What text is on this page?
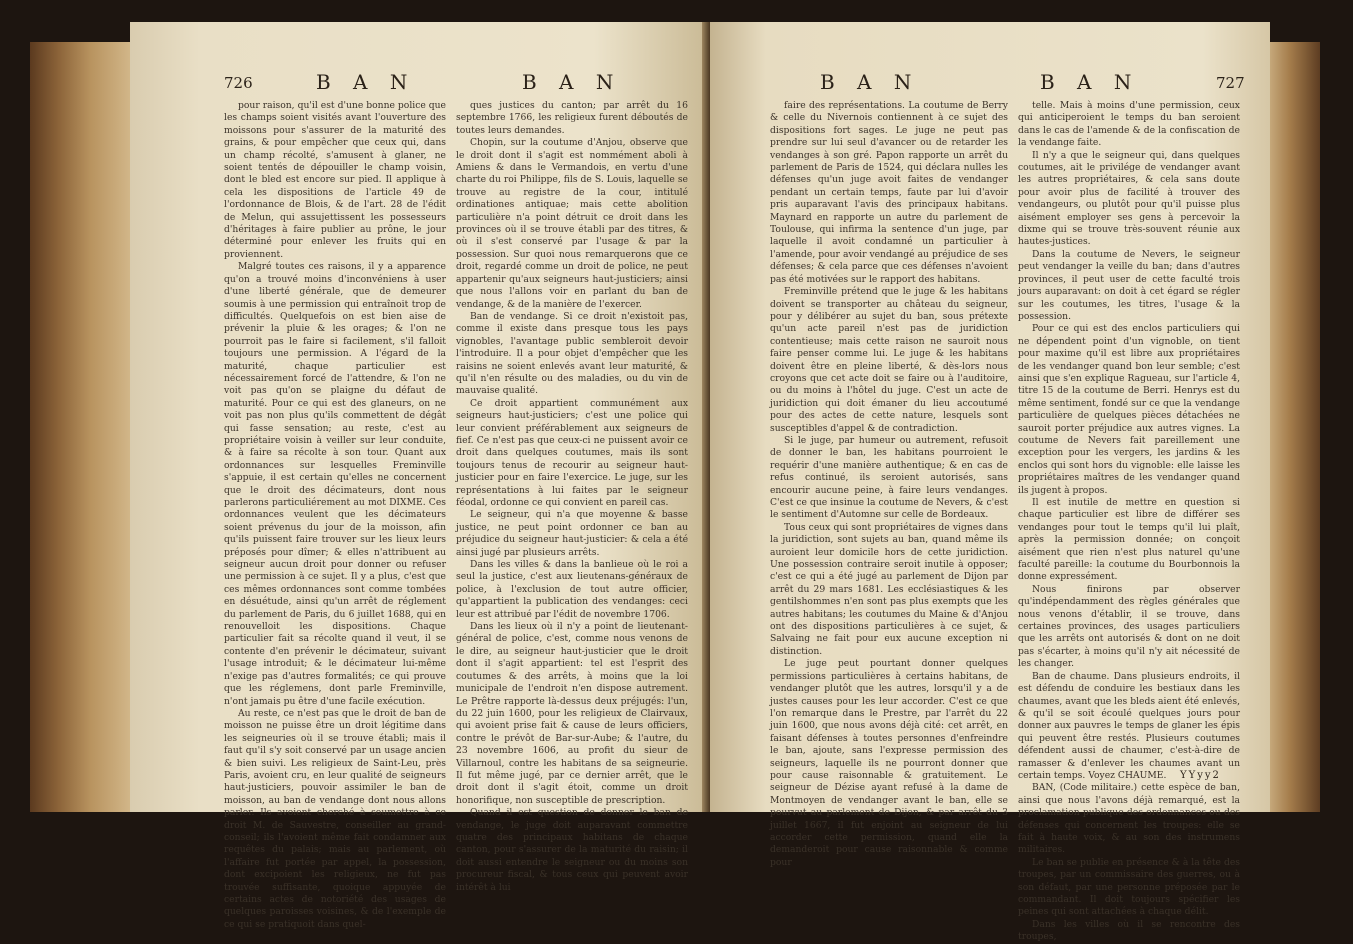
726	B A N	B A N

pour raison, qu'il est d'une bonne police que les champs soient visités avant l'ouverture des moissons pour s'assurer de la maturité des grains, & pour empêcher que ceux qui, dans un champ récolté, s'amusent à glaner, ne soient tentés de dépouiller le champ voisin, dont le bled est encore sur pied. Il applique à cela les dispositions de l'article 49 de l'ordonnance de Blois, & de l'art. 28 de l'édit de Melun, qui assujettissent les possesseurs d'héritages à faire publier au prône, le jour déterminé pour enlever les fruits qui en proviennent.

Malgré toutes ces raisons, il y a apparence qu'on a trouvé moins d'inconvéniens à user d'une liberté générale, que de demeurer soumis à une permission qui entraînoit trop de difficultés. Quelquefois on est bien aise de prévenir la pluie & les orages; & l'on ne pourroit pas le faire si facilement, s'il falloit toujours une permission. A l'égard de la maturité, chaque particulier est nécessairement forcé de l'attendre, & l'on ne voit pas qu'on se plaigne du défaut de maturité. Pour ce qui est des glaneurs, on ne voit pas non plus qu'ils commettent de dégât qui fasse sensation; au reste, c'est au propriétaire voisin à veiller sur leur conduite, & à faire sa récolte à son tour. Quant aux ordonnances sur lesquelles Freminville s'appuie, il est certain qu'elles ne concernent que le droit des décimateurs, dont nous parlerons particuliérement au mot DIXME. Ces ordonnances veulent que les décimateurs soient prévenus du jour de la moisson, afin qu'ils puissent faire trouver sur les lieux leurs préposés pour dîmer; & elles n'attribuent au seigneur aucun droit pour donner ou refuser une permission à ce sujet. Il y a plus, c'est que ces mêmes ordonnances sont comme tombées en désuétude, ainsi qu'un arrêt de réglement du parlement de Paris, du 6 juillet 1688, qui en renouvelloit les dispositions. Chaque particulier fait sa récolte quand il veut, il se contente d'en prévenir le décimateur, suivant l'usage introduit; & le décimateur lui-même n'exige pas d'autres formalités; ce qui prouve que les réglemens, dont parle Freminville, n'ont jamais pu être d'une facile exécution.

Au reste, ce n'est pas que le droit de ban de moisson ne puisse être un droit légitime dans les seigneuries où il se trouve établi; mais il faut qu'il s'y soit conservé par un usage ancien & bien suivi. Les religieux de Saint-Leu, près Paris, avoient cru, en leur qualité de seigneurs haut-justiciers, pouvoir assimiler le ban de moisson, au ban de vendange dont nous allons parler. Ils avoient cherché à soumettre à ce droit M. de Sauvestre, conseiller au grand-conseil; ils l'avoient même fait condamner aux requêtes du palais; mais au parlement, où l'affaire fut portée par appel, la possession, dont excipoient les religieux, ne fut pas trouvée suffisante, quoique appuyée de certains actes de notoriété des usages de quelques paroisses voisines, & de l'exemple de ce qui se pratiquoit dans quel-

ques justices du canton; par arrêt du 16 septembre 1766, les religieux furent déboutés de toutes leurs demandes.

Chopin, sur la coutume d'Anjou, observe que le droit dont il s'agit est nommément aboli à Amiens & dans le Vermandois, en vertu d'une charte du roi Philippe, fils de S. Louis, laquelle se trouve au registre de la cour, intitulé ordinationes antiquae; mais cette abolition particulière n'a point détruit ce droit dans les provinces où il se trouve établi par des titres, & où il s'est conservé par l'usage & par la possession. Sur quoi nous remarquerons que ce droit, regardé comme un droit de police, ne peut appartenir qu'aux seigneurs haut-justiciers; ainsi que nous l'allons voir en parlant du ban de vendange, & de la manière de l'exercer.

Ban de vendange. Si ce droit n'existoit pas, comme il existe dans presque tous les pays vignobles, l'avantage public sembleroit devoir l'introduire. Il a pour objet d'empêcher que les raisins ne soient enlevés avant leur maturité, & qu'il n'en résulte ou des maladies, ou du vin de mauvaise qualité.

Ce droit appartient communément aux seigneurs haut-justiciers; c'est une police qui leur convient préférablement aux seigneurs de fief. Ce n'est pas que ceux-ci ne puissent avoir ce droit dans quelques coutumes, mais ils sont toujours tenus de recourir au seigneur haut-justicier pour en faire l'exercice. Le juge, sur les représentations à lui faites par le seigneur féodal, ordonne ce qui convient en pareil cas.

Le seigneur, qui n'a que moyenne & basse justice, ne peut point ordonner ce ban au préjudice du seigneur haut-justicier: & cela a été ainsi jugé par plusieurs arrêts.

Dans les villes & dans la banlieue où le roi a seul la justice, c'est aux lieutenans-généraux de police, à l'exclusion de tout autre officier, qu'appartient la publication des vendanges: ceci leur est attribué par l'édit de novembre 1706.

Dans les lieux où il n'y a point de lieutenant-général de police, c'est, comme nous venons de le dire, au seigneur haut-justicier que le droit dont il s'agit appartient: tel est l'esprit des coutumes & des arrêts, à moins que la loi municipale de l'endroit n'en dispose autrement. Le Prêtre rapporte là-dessus deux préjugés: l'un, du 22 juin 1600, pour les religieux de Clairvaux, qui avoient prise fait & cause de leurs officiers, contre le prévôt de Bar-sur-Aube; & l'autre, du 23 novembre 1606, au profit du sieur de Villarnoul, contre les habitans de sa seigneurie. Il fut même jugé, par ce dernier arrêt, que le droit dont il s'agit étoit, comme un droit honorifique, non susceptible de prescription.

Quand il est question de donner le ban de vendange, le juge doit auparavant commettre quatre des principaux habitans de chaque canton, pour s'assurer de la maturité du raisin; il doit aussi entendre le seigneur ou du moins son procureur fiscal, & tous ceux qui peuvent avoir intérêt à lui

B A N	B A N	727

faire des représentations. La coutume de Berry & celle du Nivernois contiennent à ce sujet des dispositions fort sages. Le juge ne peut pas prendre sur lui seul d'avancer ou de retarder les vendanges à son gré. Papon rapporte un arrêt du parlement de Paris de 1524, qui déclara nulles les défenses qu'un juge avoit faites de vendanger pendant un certain temps, faute par lui d'avoir pris auparavant l'avis des principaux habitans. Maynard en rapporte un autre du parlement de Toulouse, qui infirma la sentence d'un juge, par laquelle il avoit condamné un particulier à l'amende, pour avoir vendangé au préjudice de ses défenses; & cela parce que ces défenses n'avoient pas été motivées sur le rapport des habitans.

Freminville prétend que le juge & les habitans doivent se transporter au château du seigneur, pour y délibérer au sujet du ban, sous prétexte qu'un acte pareil n'est pas de juridiction contentieuse; mais cette raison ne sauroit nous faire penser comme lui. Le juge & les habitans doivent être en pleine liberté, & dès-lors nous croyons que cet acte doit se faire ou à l'auditoire, ou du moins à l'hôtel du juge. C'est un acte de juridiction qui doit émaner du lieu accoutumé pour des actes de cette nature, lesquels sont susceptibles d'appel & de contradiction.

Si le juge, par humeur ou autrement, refusoit de donner le ban, les habitans pourroient le requérir d'une manière authentique; & en cas de refus continué, ils seroient autorisés, sans encourir aucune peine, à faire leurs vendanges. C'est ce que insinue la coutume de Nevers, & c'est le sentiment d'Automne sur celle de Bordeaux.

Tous ceux qui sont propriétaires de vignes dans la juridiction, sont sujets au ban, quand même ils auroient leur domicile hors de cette juridiction. Une possession contraire seroit inutile à opposer; c'est ce qui a été jugé au parlement de Dijon par arrêt du 29 mars 1681. Les ecclésiastiques & les gentilshommes n'en sont pas plus exempts que les autres habitans; les coutumes du Maine & d'Anjou ont des dispositions particulières à ce sujet, & Salvaing ne fait pour eux aucune exception ni distinction.

Le juge peut pourtant donner quelques permissions particulières à certains habitans, de vendanger plutôt que les autres, lorsqu'il y a de justes causes pour les leur accorder. C'est ce que l'on remarque dans le Prestre, par l'arrêt du 22 juin 1600, que nous avons déjà cité: cet arrêt, en faisant défenses à toutes personnes d'enfreindre le ban, ajoute, sans l'expresse permission des seigneurs, laquelle ils ne pourront donner que pour cause raisonnable & gratuitement. Le seigneur de Dézise ayant refusé à la dame de Montmoyen de vendanger avant le ban, elle se pourvut au parlement de Dijon, & par arrêt du 3 juillet 1667, il fut enjoint au seigneur de lui accorder cette permission, quand elle la demanderoit pour cause raisonnable & comme pour

telle. Mais à moins d'une permission, ceux qui anticiperoient le temps du ban seroient dans le cas de l'amende & de la confiscation de la vendange faite.

Il n'y a que le seigneur qui, dans quelques coutumes, ait le privilége de vendanger avant les autres propriétaires, & cela sans doute pour avoir plus de facilité à trouver des vendangeurs, ou plutôt pour qu'il puisse plus aisément employer ses gens à percevoir la dixme qui se trouve très-souvent réunie aux hautes-justices.

Dans la coutume de Nevers, le seigneur peut vendanger la veille du ban; dans d'autres provinces, il peut user de cette faculté trois jours auparavant: on doit à cet égard se régler sur les coutumes, les titres, l'usage & la possession.

Pour ce qui est des enclos particuliers qui ne dépendent point d'un vignoble, on tient pour maxime qu'il est libre aux propriétaires de les vendanger quand bon leur semble; c'est ainsi que s'en explique Ragueau, sur l'article 4, titre 15 de la coutume de Berri. Henrys est du même sentiment, fondé sur ce que la vendange particulière de quelques pièces détachées ne sauroit porter préjudice aux autres vignes. La coutume de Nevers fait pareillement une exception pour les vergers, les jardins & les enclos qui sont hors du vignoble: elle laisse les propriétaires maîtres de les vendanger quand ils jugent à propos.

Il est inutile de mettre en question si chaque particulier est libre de différer ses vendanges pour tout le temps qu'il lui plaît, après la permission donnée; on conçoit aisément que rien n'est plus naturel qu'une faculté pareille: la coutume du Bourbonnois la donne expressément.

Nous finirons par observer qu'indépendamment des règles générales que nous venons d'établir, il se trouve, dans certaines provinces, des usages particuliers que les arrêts ont autorisés & dont on ne doit pas s'écarter, à moins qu'il n'y ait nécessité de les changer.

Ban de chaume. Dans plusieurs endroits, il est défendu de conduire les bestiaux dans les chaumes, avant que les bleds aient été enlevés, & qu'il se soit écoulé quelques jours pour donner aux pauvres le temps de glaner les épis qui peuvent être restés. Plusieurs coutumes défendent aussi de chaumer, c'est-à-dire de ramasser & d'enlever les chaumes avant un certain temps. Voyez CHAUME.

BAN, (Code militaire.) cette espèce de ban, ainsi que nous l'avons déjà remarqué, est la proclamation publique des ordonnances ou des défenses qui concernent les troupes: elle se fait à haute voix, & au son des instrumens militaires.

Le ban se publie en présence & à la tête des troupes, par un commissaire des guerres, ou à son défaut, par une personne préposée par le commandant. Il doit toujours spécifier les peines qui sont attachées à chaque délit.

Dans les villes où il se rencontre des troupes,

YYyy2
